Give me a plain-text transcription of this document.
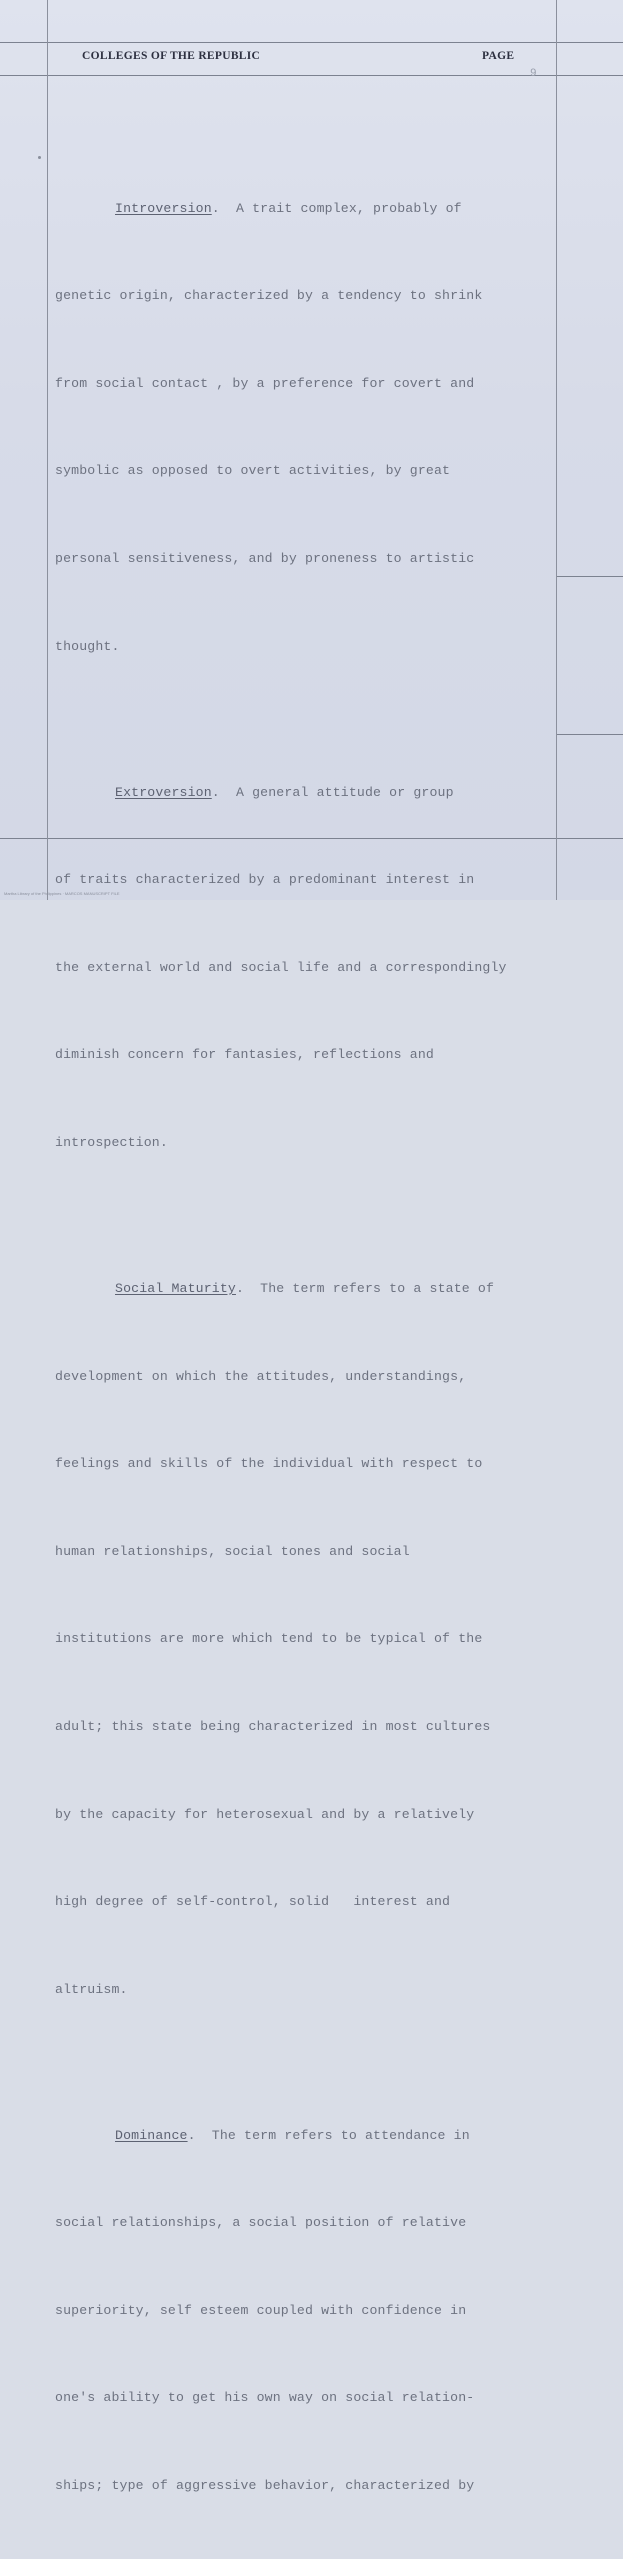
COLLEGES OF THE REPUBLIC	PAGE
9

Introversion.  A trait complex, probably of

genetic origin, characterized by a tendency to shrink

from social contact , by a preference for covert and

symbolic as opposed to overt activities, by great

personal sensitiveness, and by proneness to artistic

thought.

Extroversion.  A general attitude or group

of traits characterized by a predominant interest in

the external world and social life and a correspondingly

diminish concern for fantasies, reflections and

introspection.

Social Maturity.  The term refers to a state of

development on which the attitudes, understandings,

feelings and skills of the individual with respect to

human relationships, social tones and social

institutions are more which tend to be typical of the

adult; this state being characterized in most cultures

by the capacity for heterosexual and by a relatively

high degree of self-control, solid   interest and

altruism.

Dominance.  The term refers to attendance in

social relationships, a social position of relative

superiority, self esteem coupled with confidence in

one's ability to get his own way on social relation-

ships; type of aggressive behavior, characterized by

Martha Library of the Philippines · MARCOS MANUSCRIPT FILE
